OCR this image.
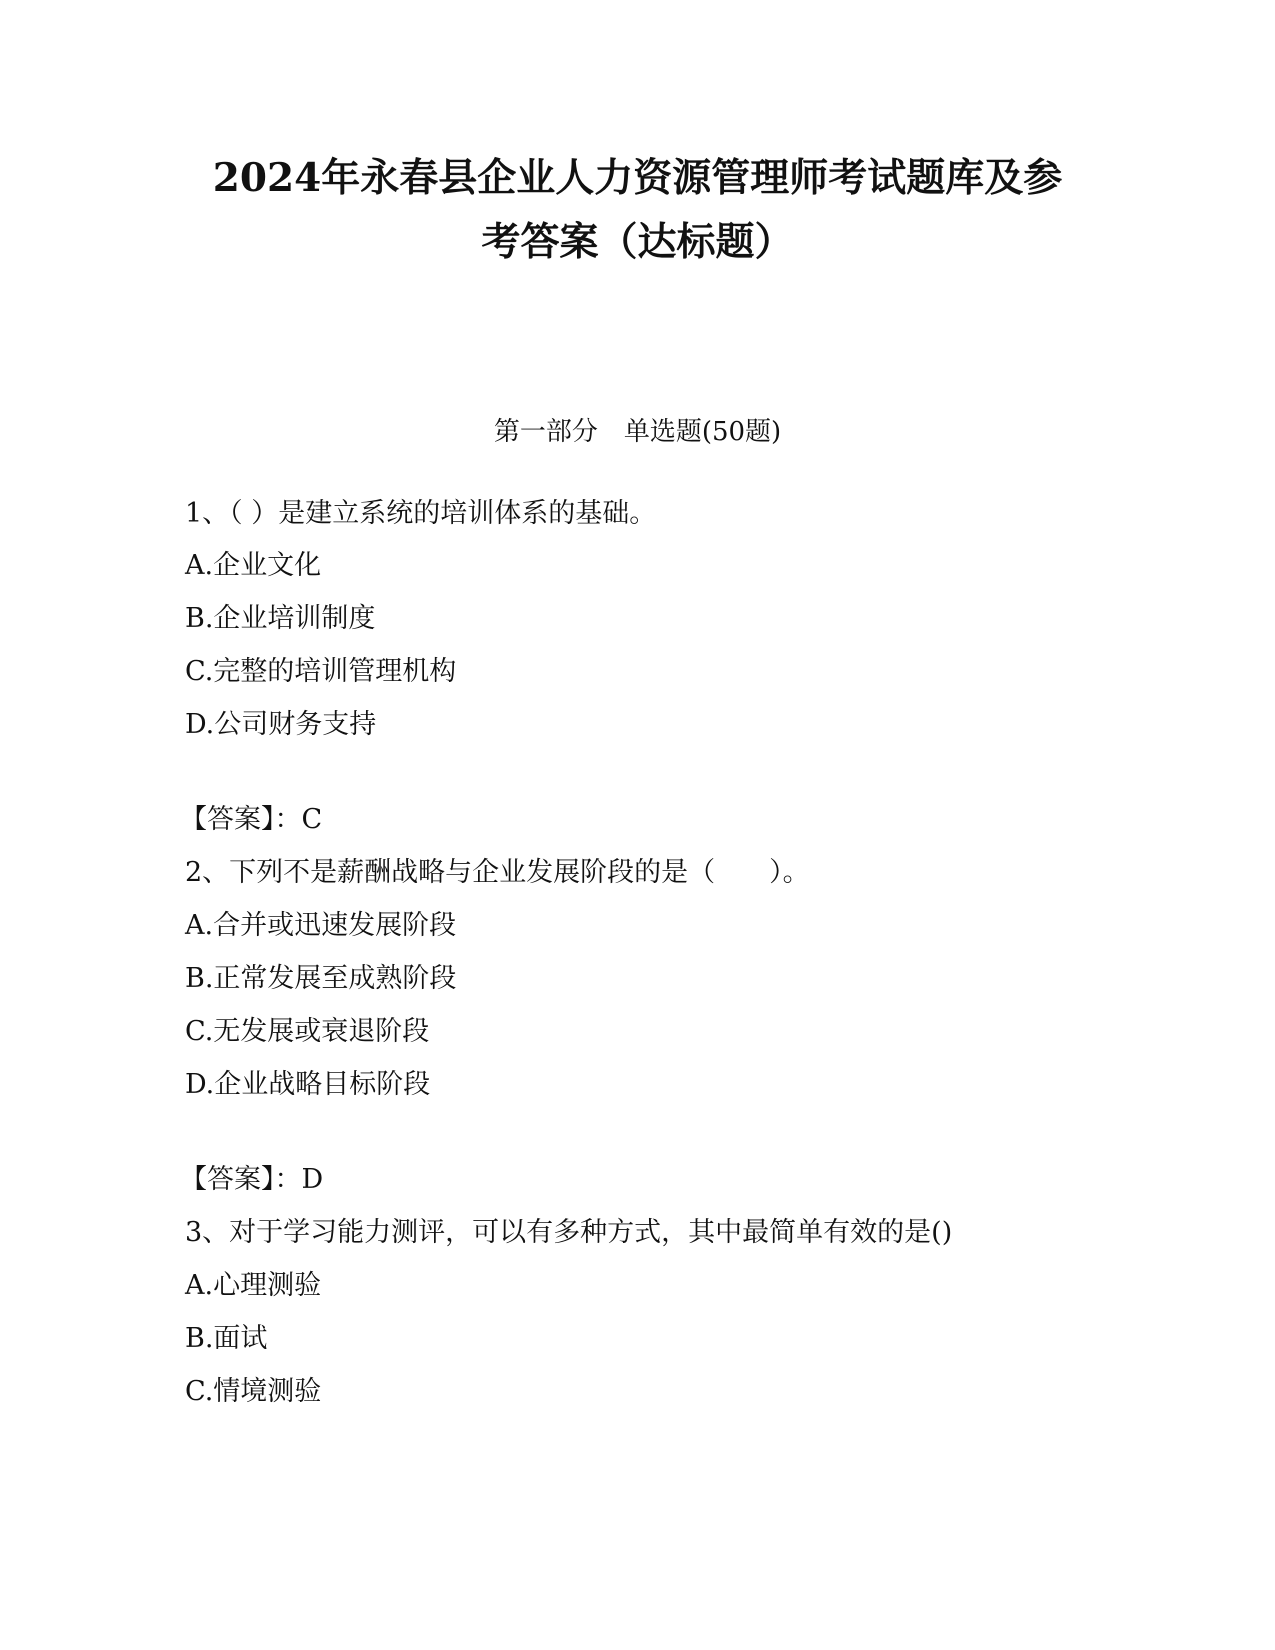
2024年永春县企业人力资源管理师考试题库及参
考答案（达标题）
第一部分　单选题(50题)
1、（ ）是建立系统的培训体系的基础。
A.企业文化
B.企业培训制度
C.完整的培训管理机构
D.公司财务支持
【答案】：C
2、下列不是薪酬战略与企业发展阶段的是（　　）。
A.合并或迅速发展阶段
B.正常发展至成熟阶段
C.无发展或衰退阶段
D.企业战略目标阶段
【答案】：D
3、对于学习能力测评，可以有多种方式，其中最简单有效的是()
A.心理测验
B.面试
C.情境测验
